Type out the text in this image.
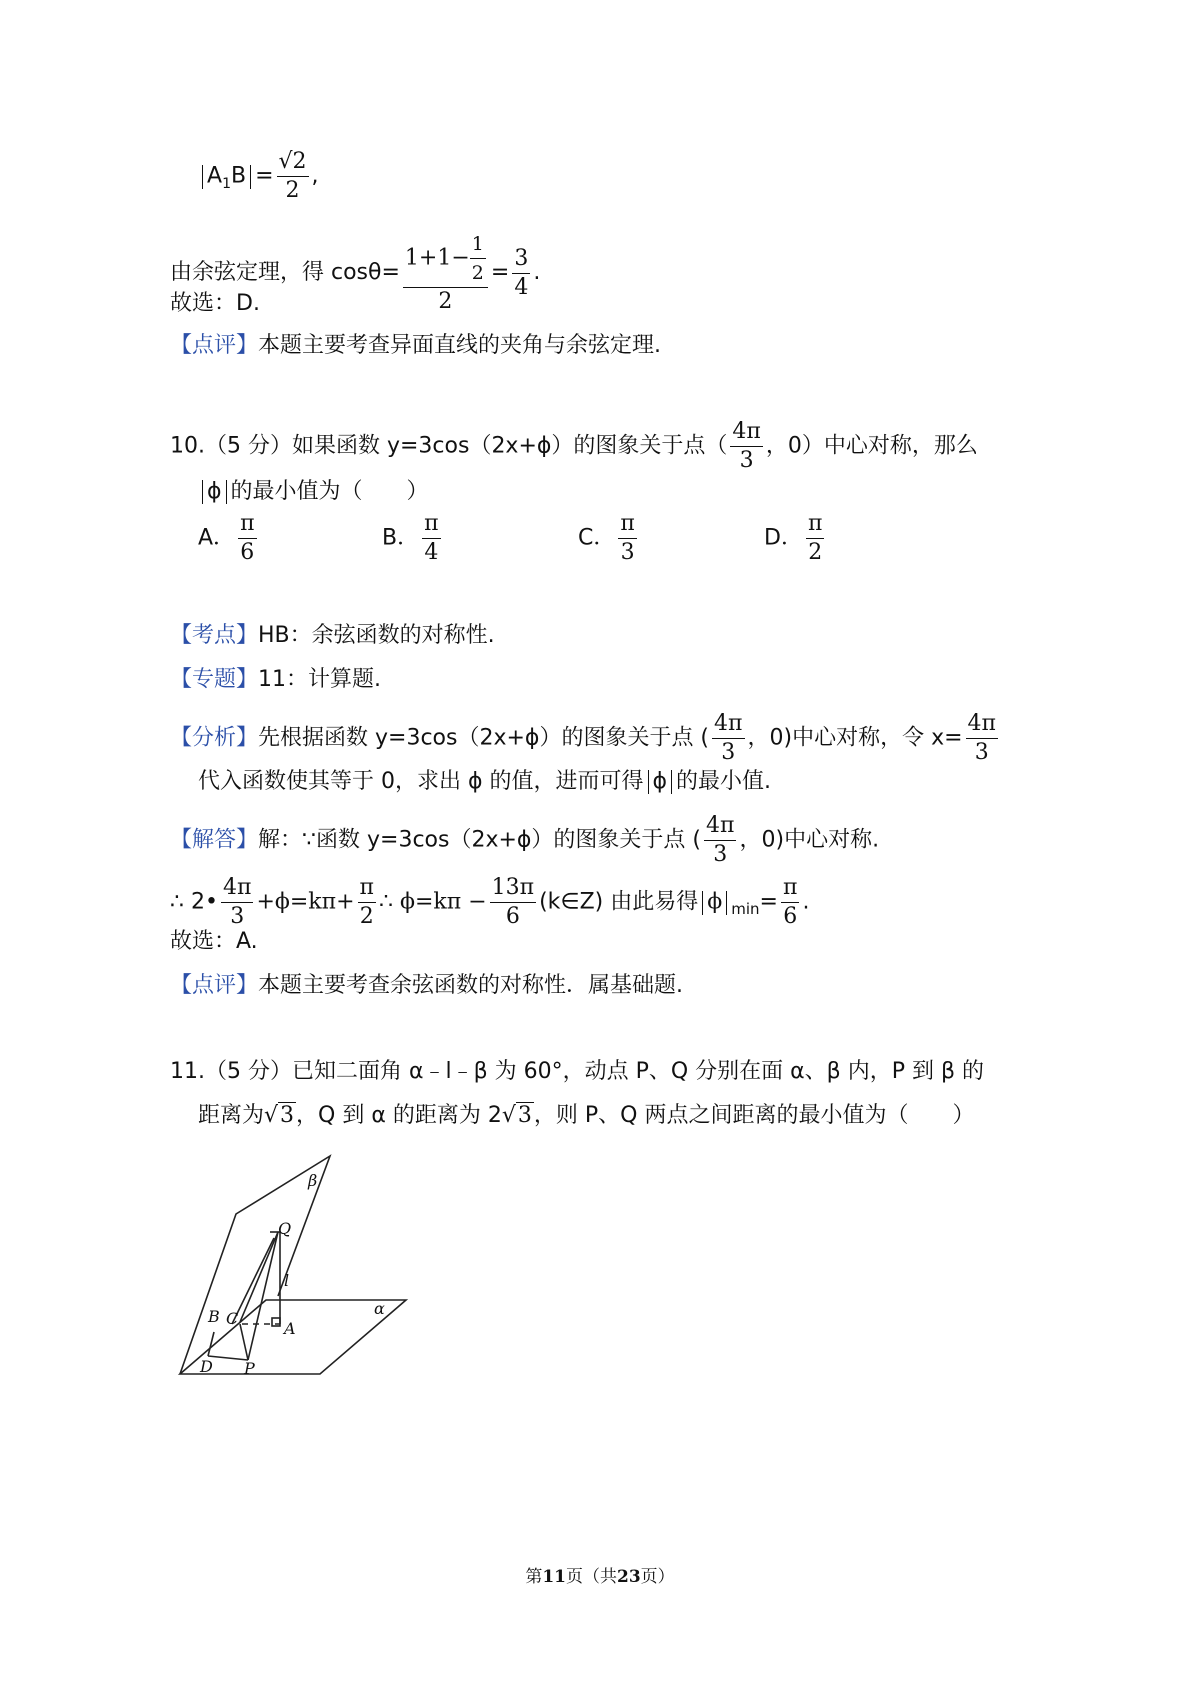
$A_1B = \frac{√2}{2}$ ,
由余弦定理，得 $\cos\theta= \frac{1+1- \frac{1}{2}}{2} = \frac{3}{4}$ .
故选：D.
【点评】本题主要考查异面直线的夹角与余弦定理.
10.（5 分）如果函数 y=3cos（2x+ϕ）的图象关于点（ $\frac{4\pi}{3}$ ，0）中心对称，那么
ϕ 的最小值为（　　）
A． $\frac{\pi}{6}$	B． $\frac{\pi}{4}$	C． $\frac{\pi}{3}$	D． $\frac{\pi}{2}$
【考点】HB：余弦函数的对称性.
【专题】11：计算题.
【分析】先根据函数 y=3cos（2x+ϕ）的图象关于点 ( $\frac{4\pi}{3}$ ，0)中心对称，令 $x= \frac{4\pi}{3}$
代入函数使其等于 0，求出 ϕ 的值，进而可得 ϕ 的最小值.
【解答】解：∵函数 y=3cos（2x+ϕ）的图象关于点 ( $\frac{4\pi}{3}$ ，0)中心对称.
∴ 2• $\frac{4\pi}{3} +\phi=k\pi+ \frac{\pi}{2}$ ∴ $\phi=k\pi - \frac{13\pi}{6}$ (k∈Z) 由此易得 ϕ $_{min}= \frac{\pi}{6}$ .
故选：A.
【点评】本题主要考查余弦函数的对称性．属基础题.
11.（5 分）已知二面角 α﹣l﹣β 为 60°，动点 P、Q 分别在面 α、β 内，P 到 β 的
距离为√3，Q 到 α 的距离为 2√3，则 P、Q 两点之间距离的最小值为（　　）
β
α
Q
l
B C
A
D P
第11页（共23页）
